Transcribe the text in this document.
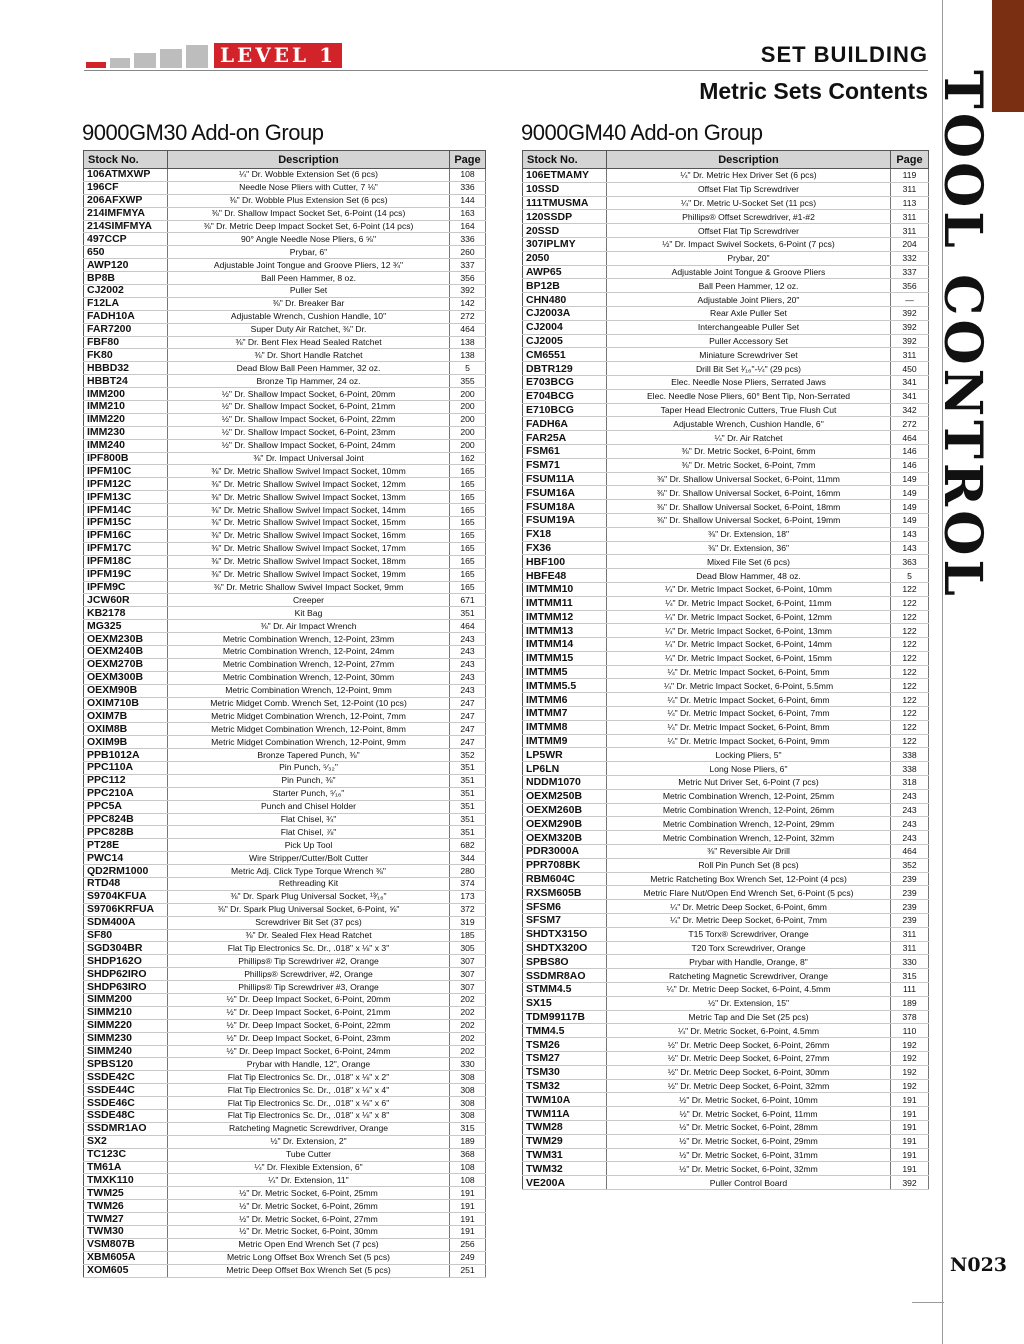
LEVEL 1	SET BUILDING
Metric Sets Contents TOOL CONTROL
N023
9000GM30 Add-on Group
Stock No.	Description	Page
106ATMXWP	¼" Dr. Wobble Extension Set (6 pcs)	108
196CF	Needle Nose Pliers with Cutter, 7 ⅛"	336
206AFXWP	⅜" Dr. Wobble Plus Extension Set (6 pcs)	144
214IMFMYA	⅜" Dr. Shallow Impact Socket Set, 6-Point (14 pcs)	163
214SIMFMYA	⅜" Dr. Metric Deep Impact Socket Set, 6-Point (14 pcs)	164
497CCP	90° Angle Needle Nose Pliers, 6 ⅝"	336
650	Prybar, 6"	260
AWP120	Adjustable Joint Tongue and Groove Pliers, 12 ¾"	337
BP8B	Ball Peen Hammer, 8 oz.	356
CJ2002	Puller Set	392
F12LA	⅜" Dr. Breaker Bar	142
FADH10A	Adjustable Wrench, Cushion Handle, 10"	272
FAR7200	Super Duty Air Ratchet, ⅜" Dr.	464
FBF80	⅜" Dr. Bent Flex Head Sealed Ratchet	138
FK80	⅜" Dr. Short Handle Ratchet	138
HBBD32	Dead Blow Ball Peen Hammer, 32 oz.	5
HBBT24	Bronze Tip Hammer, 24 oz.	355
IMM200	½" Dr. Shallow Impact Socket, 6-Point, 20mm	200
IMM210	½" Dr. Shallow Impact Socket, 6-Point, 21mm	200
IMM220	½" Dr. Shallow Impact Socket, 6-Point, 22mm	200
IMM230	½" Dr. Shallow Impact Socket, 6-Point, 23mm	200
IMM240	½" Dr. Shallow Impact Socket, 6-Point, 24mm	200
IPF800B	⅜" Dr. Impact Universal Joint	162
IPFM10C	⅜" Dr. Metric Shallow Swivel Impact Socket, 10mm	165
IPFM12C	⅜" Dr. Metric Shallow Swivel Impact Socket, 12mm	165
IPFM13C	⅜" Dr. Metric Shallow Swivel Impact Socket, 13mm	165
IPFM14C	⅜" Dr. Metric Shallow Swivel Impact Socket, 14mm	165
IPFM15C	⅜" Dr. Metric Shallow Swivel Impact Socket, 15mm	165
IPFM16C	⅜" Dr. Metric Shallow Swivel Impact Socket, 16mm	165
IPFM17C	⅜" Dr. Metric Shallow Swivel Impact Socket, 17mm	165
IPFM18C	⅜" Dr. Metric Shallow Swivel Impact Socket, 18mm	165
IPFM19C	⅜" Dr. Metric Shallow Swivel Impact Socket, 19mm	165
IPFM9C	⅜" Dr. Metric Shallow Swivel Impact Socket, 9mm	165
JCW60R	Creeper	671
KB2178	Kit Bag	351
MG325	⅜" Dr. Air Impact Wrench	464
OEXM230B	Metric Combination Wrench, 12-Point, 23mm	243
OEXM240B	Metric Combination Wrench, 12-Point, 24mm	243
OEXM270B	Metric Combination Wrench, 12-Point, 27mm	243
OEXM300B	Metric Combination Wrench, 12-Point, 30mm	243
OEXM90B	Metric Combination Wrench, 12-Point, 9mm	243
OXIM710B	Metric Midget Comb. Wrench Set, 12-Point (10 pcs)	247
OXIM7B	Metric Midget Combination Wrench, 12-Point, 7mm	247
OXIM8B	Metric Midget Combination Wrench, 12-Point, 8mm	247
OXIM9B	Metric Midget Combination Wrench, 12-Point, 9mm	247
PPB1012A	Bronze Tapered Punch, ⅜"	352
PPC110A	Pin Punch, ⁵⁄₃₂"	351
PPC112	Pin Punch, ⅜"	351
PPC210A	Starter Punch, ⁵⁄₁₆"	351
PPC5A	Punch and Chisel Holder	351
PPC824B	Flat Chisel, ¾"	351
PPC828B	Flat Chisel, ⅞"	351
PT28E	Pick Up Tool	682
PWC14	Wire Stripper/Cutter/Bolt Cutter	344
QD2RM1000	Metric Adj. Click Type Torque Wrench ⅜"	280
RTD48	Rethreading Kit	374
S9704KFUA	⅜" Dr. Spark Plug Universal Socket, ¹³⁄₁₆"	173
S9706KRFUA	⅜" Dr. Spark Plug Universal Socket, 6-Point, ⅝"	372
SDM400A	Screwdriver Bit Set (37 pcs)	319
SF80	⅜" Dr. Sealed Flex Head Ratchet	185
SGD304BR	Flat Tip Electronics Sc. Dr., .018" x ⅛" x 3"	305
SHDP162O	Phillips® Tip Screwdriver #2, Orange	307
SHDP62IRO	Phillips® Screwdriver, #2, Orange	307
SHDP63IRO	Phillips® Tip Screwdriver #3, Orange	307
SIMM200	½" Dr. Deep Impact Socket, 6-Point, 20mm	202
SIMM210	½" Dr. Deep Impact Socket, 6-Point, 21mm	202
SIMM220	½" Dr. Deep Impact Socket, 6-Point, 22mm	202
SIMM230	½" Dr. Deep Impact Socket, 6-Point, 23mm	202
SIMM240	½" Dr. Deep Impact Socket, 6-Point, 24mm	202
SPBS120	Prybar with Handle, 12", Orange	330
SSDE42C	Flat Tip Electronics Sc. Dr., .018" x ⅛" x 2"	308
SSDE44C	Flat Tip Electronics Sc. Dr., .018" x ⅛" x 4"	308
SSDE46C	Flat Tip Electronics Sc. Dr., .018" x ⅛" x 6"	308
SSDE48C	Flat Tip Electronics Sc. Dr., .018" x ⅛" x 8"	308
SSDMR1AO	Ratcheting Magnetic Screwdriver, Orange	315
SX2	½" Dr. Extension, 2"	189
TC123C	Tube Cutter	368
TM61A	¼" Dr. Flexible Extension, 6"	108
TMXK110	¼" Dr. Extension, 11"	108
TWM25	½" Dr. Metric Socket, 6-Point, 25mm	191
TWM26	½" Dr. Metric Socket, 6-Point, 26mm	191
TWM27	½" Dr. Metric Socket, 6-Point, 27mm	191
TWM30	½" Dr. Metric Socket, 6-Point, 30mm	191
VSM807B	Metric Open End Wrench Set (7 pcs)	256
XBM605A	Metric Long Offset Box Wrench Set (5 pcs)	249
XOM605	Metric Deep Offset Box Wrench Set (5 pcs)	251
9000GM40 Add-on Group
Stock No.	Description	Page
106ETMAMY	¼" Dr. Metric Hex Driver Set (6 pcs)	119
10SSD	Offset Flat Tip Screwdriver	311
111TMUSMA	¼" Dr. Metric U-Socket Set (11 pcs)	113
120SSDP	Phillips® Offset Screwdriver, #1-#2	311
20SSD	Offset Flat Tip Screwdriver	311
307IPLMY	½" Dr. Impact Swivel Sockets, 6-Point (7 pcs)	204
2050	Prybar, 20"	332
AWP65	Adjustable Joint Tongue & Groove Pliers	337
BP12B	Ball Peen Hammer, 12 oz.	356
CHN480	Adjustable Joint Pliers, 20"	—
CJ2003A	Rear Axle Puller Set	392
CJ2004	Interchangeable Puller Set	392
CJ2005	Puller Accessory Set	392
CM6551	Miniature Screwdriver Set	311
DBTR129	Drill Bit Set ¹⁄₁₆"-¼" (29 pcs)	450
E703BCG	Elec. Needle Nose Pliers, Serrated Jaws	341
E704BCG	Elec. Needle Nose Pliers, 60° Bent Tip, Non-Serrated	341
E710BCG	Taper Head Electronic Cutters, True Flush Cut	342
FADH6A	Adjustable Wrench, Cushion Handle, 6"	272
FAR25A	¼" Dr. Air Ratchet	464
FSM61	⅜" Dr. Metric Socket, 6-Point, 6mm	146
FSM71	⅜" Dr. Metric Socket, 6-Point, 7mm	146
FSUM11A	⅜" Dr. Shallow Universal Socket, 6-Point, 11mm	149
FSUM16A	⅜" Dr. Shallow Universal Socket, 6-Point, 16mm	149
FSUM18A	⅜" Dr. Shallow Universal Socket, 6-Point, 18mm	149
FSUM19A	⅜" Dr. Shallow Universal Socket, 6-Point, 19mm	149
FX18	⅜" Dr. Extension, 18"	143
FX36	⅜" Dr. Extension, 36"	143
HBF100	Mixed File Set (6 pcs)	363
HBFE48	Dead Blow Hammer, 48 oz.	5
IMTMM10	¼" Dr. Metric Impact Socket, 6-Point, 10mm	122
IMTMM11	¼" Dr. Metric Impact Socket, 6-Point, 11mm	122
IMTMM12	¼" Dr. Metric Impact Socket, 6-Point, 12mm	122
IMTMM13	¼" Dr. Metric Impact Socket, 6-Point, 13mm	122
IMTMM14	¼" Dr. Metric Impact Socket, 6-Point, 14mm	122
IMTMM15	¼" Dr. Metric Impact Socket, 6-Point, 15mm	122
IMTMM5	¼" Dr. Metric Impact Socket, 6-Point, 5mm	122
IMTMM5.5	¼" Dr. Metric Impact Socket, 6-Point, 5.5mm	122
IMTMM6	¼" Dr. Metric Impact Socket, 6-Point, 6mm	122
IMTMM7	¼" Dr. Metric Impact Socket, 6-Point, 7mm	122
IMTMM8	¼" Dr. Metric Impact Socket, 6-Point, 8mm	122
IMTMM9	¼" Dr. Metric Impact Socket, 6-Point, 9mm	122
LP5WR	Locking Pliers, 5"	338
LP6LN	Long Nose Pliers, 6"	338
NDDM1070	Metric Nut Driver Set, 6-Point (7 pcs)	318
OEXM250B	Metric Combination Wrench, 12-Point, 25mm	243
OEXM260B	Metric Combination Wrench, 12-Point, 26mm	243
OEXM290B	Metric Combination Wrench, 12-Point, 29mm	243
OEXM320B	Metric Combination Wrench, 12-Point, 32mm	243
PDR3000A	⅜" Reversible Air Drill	464
PPR708BK	Roll Pin Punch Set (8 pcs)	352
RBM604C	Metric Ratcheting Box Wrench Set, 12-Point (4 pcs)	239
RXSM605B	Metric Flare Nut/Open End Wrench Set, 6-Point (5 pcs)	239
SFSM6	¼" Dr. Metric Deep Socket, 6-Point, 6mm	239
SFSM7	¼" Dr. Metric Deep Socket, 6-Point, 7mm	239
SHDTX315O	T15 Torx® Screwdriver, Orange	311
SHDTX320O	T20 Torx Screwdriver, Orange	311
SPBS8O	Prybar with Handle, Orange, 8"	330
SSDMR8AO	Ratcheting Magnetic Screwdriver, Orange	315
STMM4.5	¼" Dr. Metric Deep Socket, 6-Point, 4.5mm	111
SX15	½" Dr. Extension, 15"	189
TDM99117B	Metric Tap and Die Set (25 pcs)	378
TMM4.5	¼" Dr. Metric Socket, 6-Point, 4.5mm	110
TSM26	½" Dr. Metric Deep Socket, 6-Point, 26mm	192
TSM27	½" Dr. Metric Deep Socket, 6-Point, 27mm	192
TSM30	½" Dr. Metric Deep Socket, 6-Point, 30mm	192
TSM32	½" Dr. Metric Deep Socket, 6-Point, 32mm	192
TWM10A	½" Dr. Metric Socket, 6-Point, 10mm	191
TWM11A	½" Dr. Metric Socket, 6-Point, 11mm	191
TWM28	½" Dr. Metric Socket, 6-Point, 28mm	191
TWM29	½" Dr. Metric Socket, 6-Point, 29mm	191
TWM31	½" Dr. Metric Socket, 6-Point, 31mm	191
TWM32	½" Dr. Metric Socket, 6-Point, 32mm	191
VE200A	Puller Control Board	392
